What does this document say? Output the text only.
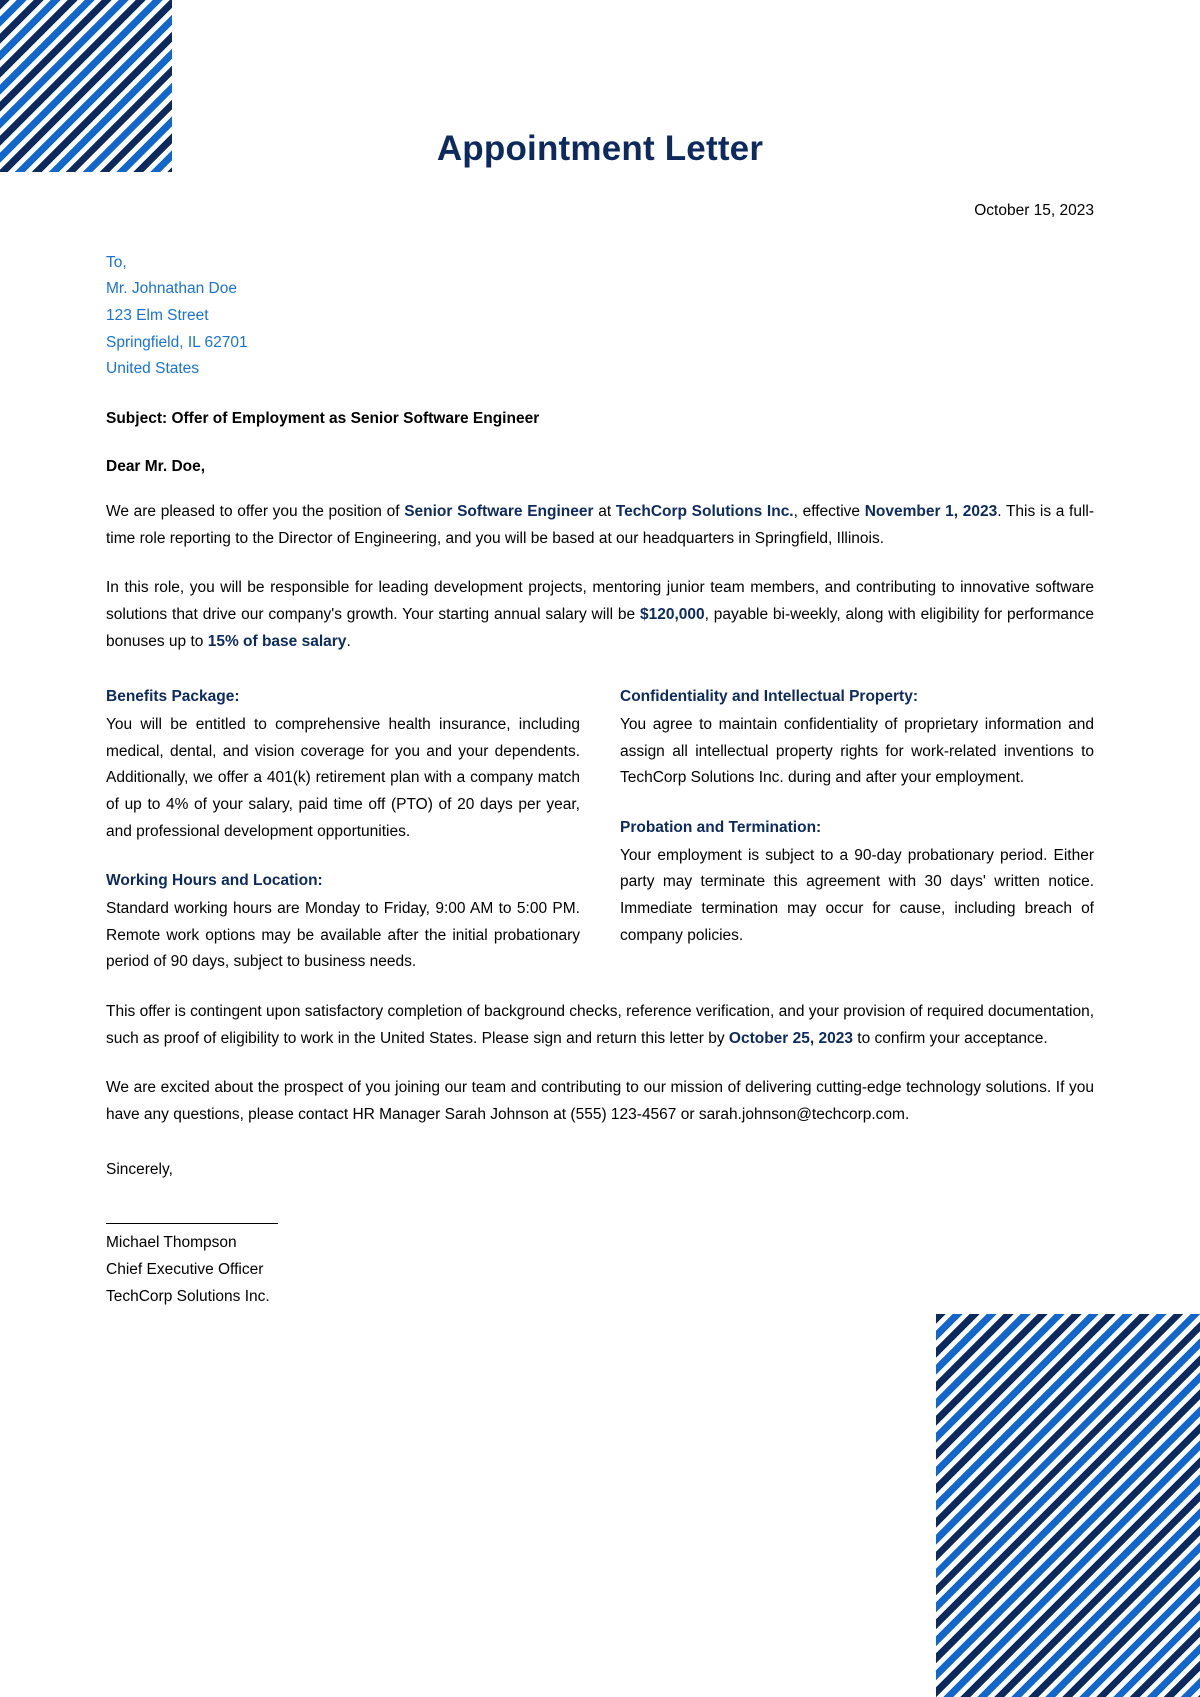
Appointment Letter
October 15, 2023
To,
Mr. Johnathan Doe
123 Elm Street
Springfield, IL 62701
United States
Subject: Offer of Employment as Senior Software Engineer
Dear Mr. Doe,

We are pleased to offer you the position of Senior Software Engineer at TechCorp Solutions Inc., effective November 1, 2023. This is a full-time role reporting to the Director of Engineering, and you will be based at our headquarters in Springfield, Illinois.

In this role, you will be responsible for leading development projects, mentoring junior team members, and contributing to innovative software solutions that drive our company's growth. Your starting annual salary will be $120,000, payable bi-weekly, along with eligibility for performance bonuses up to 15% of base salary.

Benefits Package:
You will be entitled to comprehensive health insurance, including medical, dental, and vision coverage for you and your dependents. Additionally, we offer a 401(k) retirement plan with a company match of up to 4% of your salary, paid time off (PTO) of 20 days per year, and professional development opportunities.
Working Hours and Location:
Standard working hours are Monday to Friday, 9:00 AM to 5:00 PM. Remote work options may be available after the initial probationary period of 90 days, subject to business needs.
Confidentiality and Intellectual Property:
You agree to maintain confidentiality of proprietary information and assign all intellectual property rights for work-related inventions to TechCorp Solutions Inc. during and after your employment.
Probation and Termination:
Your employment is subject to a 90-day probationary period. Either party may terminate this agreement with 30 days' written notice. Immediate termination may occur for cause, including breach of company policies.

This offer is contingent upon satisfactory completion of background checks, reference verification, and your provision of required documentation, such as proof of eligibility to work in the United States. Please sign and return this letter by October 25, 2023 to confirm your acceptance.

We are excited about the prospect of you joining our team and contributing to our mission of delivering cutting-edge technology solutions. If you have any questions, please contact HR Manager Sarah Johnson at (555) 123-4567 or sarah.johnson@techcorp.com.

Sincerely,
Michael Thompson
Chief Executive Officer
TechCorp Solutions Inc.
